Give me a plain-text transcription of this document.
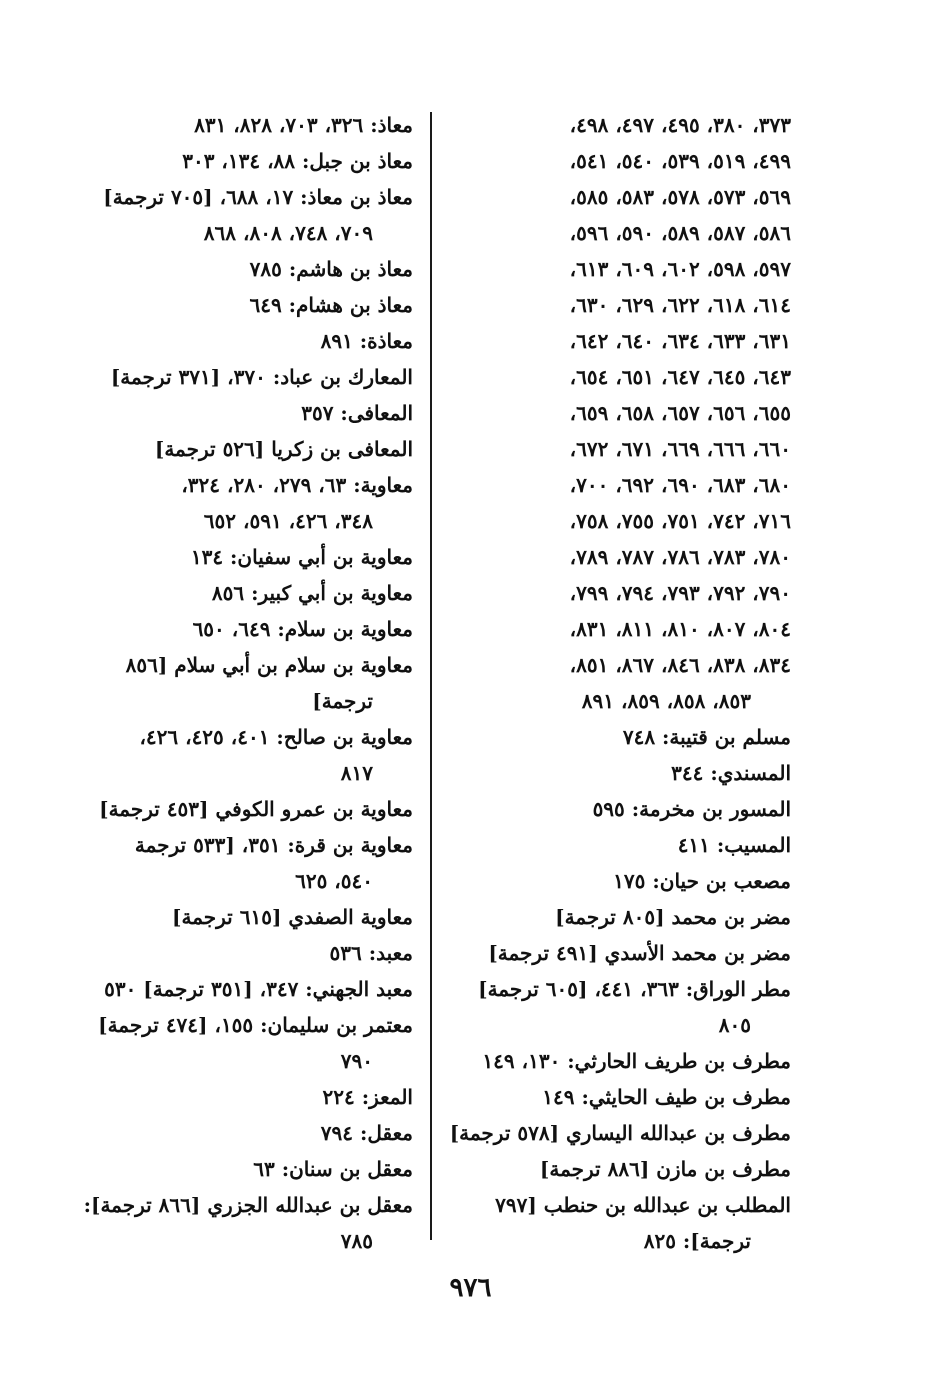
٣٧٣، ٣٨٠، ٤٩٥، ٤٩٧، ٤٩٨،
٤٩٩، ٥١٩، ٥٣٩، ٥٤٠، ٥٤١،
٥٦٩، ٥٧٣، ٥٧٨، ٥٨٣، ٥٨٥،
٥٨٦، ٥٨٧، ٥٨٩، ٥٩٠، ٥٩٦،
٥٩٧، ٥٩٨، ٦٠٢، ٦٠٩، ٦١٣،
٦١٤، ٦١٨، ٦٢٢، ٦٢٩، ٦٣٠،
٦٣١، ٦٣٣، ٦٣٤، ٦٤٠، ٦٤٢،
٦٤٣، ٦٤٥، ٦٤٧، ٦٥١، ٦٥٤،
٦٥٥، ٦٥٦، ٦٥٧، ٦٥٨، ٦٥٩،
٦٦٠، ٦٦٦، ٦٦٩، ٦٧١، ٦٧٢،
٦٨٠، ٦٨٣، ٦٩٠، ٦٩٢، ٧٠٠،
٧١٦، ٧٤٢، ٧٥١، ٧٥٥، ٧٥٨،
٧٨٠، ٧٨٣، ٧٨٦، ٧٨٧، ٧٨٩،
٧٩٠، ٧٩٢، ٧٩٣، ٧٩٤، ٧٩٩،
٨٠٤، ٨٠٧، ٨١٠، ٨١١، ٨٣١،
٨٣٤، ٨٣٨، ٨٤٦، ٨٦٧، ٨٥١،
٨٥٣، ٨٥٨، ٨٥٩، ٨٩١
مسلم بن قتيبة: ٧٤٨
المسندي: ٣٤٤
المسور بن مخرمة: ٥٩٥
المسيب: ٤١١
مصعب بن حيان: ١٧٥
مضر بن محمد [٨٠٥ ترجمة]
مضر بن محمد الأسدي [٤٩١ ترجمة]
مطر الوراق: ٣٦٣، ٤٤١، [٦٠٥ ترجمة]
٨٠٥
مطرف بن طريف الحارثي: ١٣٠، ١٤٩
مطرف بن طيف الحايثي: ١٤٩
مطرف بن عبدالله اليساري [٥٧٨ ترجمة]
مطرف بن مازن [٨٨٦ ترجمة]
المطلب بن عبدالله بن حنطب [٧٩٧
ترجمة]: ٨٢٥
معاذ: ٣٢٦، ٧٠٣، ٨٢٨، ٨٣١
معاذ بن جبل: ٨٨، ١٣٤، ٣٠٣
معاذ بن معاذ: ١٧، ٦٨٨، [٧٠٥ ترجمة]
٧٠٩، ٧٤٨، ٨٠٨، ٨٦٨
معاذ بن هاشم: ٧٨٥
معاذ بن هشام: ٦٤٩
معاذة: ٨٩١
المعارك بن عباد: ٣٧٠، [٣٧١ ترجمة]
المعافى: ٣٥٧
المعافى بن زكريا [٥٢٦ ترجمة]
معاوية: ٦٣، ٢٧٩، ٢٨٠، ٣٢٤،
٣٤٨، ٤٢٦، ٥٩١، ٦٥٢
معاوية بن أبي سفيان: ١٣٤
معاوية بن أبي كبير: ٨٥٦
معاوية بن سلام: ٦٤٩، ٦٥٠
معاوية بن سلام بن أبي سلام [٨٥٦
ترجمة]
معاوية بن صالح: ٤٠١، ٤٢٥، ٤٢٦،
٨١٧
معاوية بن عمرو الكوفي [٤٥٣ ترجمة]
معاوية بن قرة: ٣٥١، [٥٣٣ ترجمة
٥٤٠، ٦٢٥
معاوية الصفدي [٦١٥ ترجمة]
معبد: ٥٣٦
معبد الجهني: ٣٤٧، [٣٥١ ترجمة] ٥٣٠
معتمر بن سليمان: ١٥٥، [٤٧٤ ترجمة]
٧٩٠
المعز: ٢٢٤
معقل: ٧٩٤
معقل بن سنان: ٦٣
معقل بن عبدالله الجزري [٨٦٦ ترجمة]:
٧٨٥
٩٧٦
